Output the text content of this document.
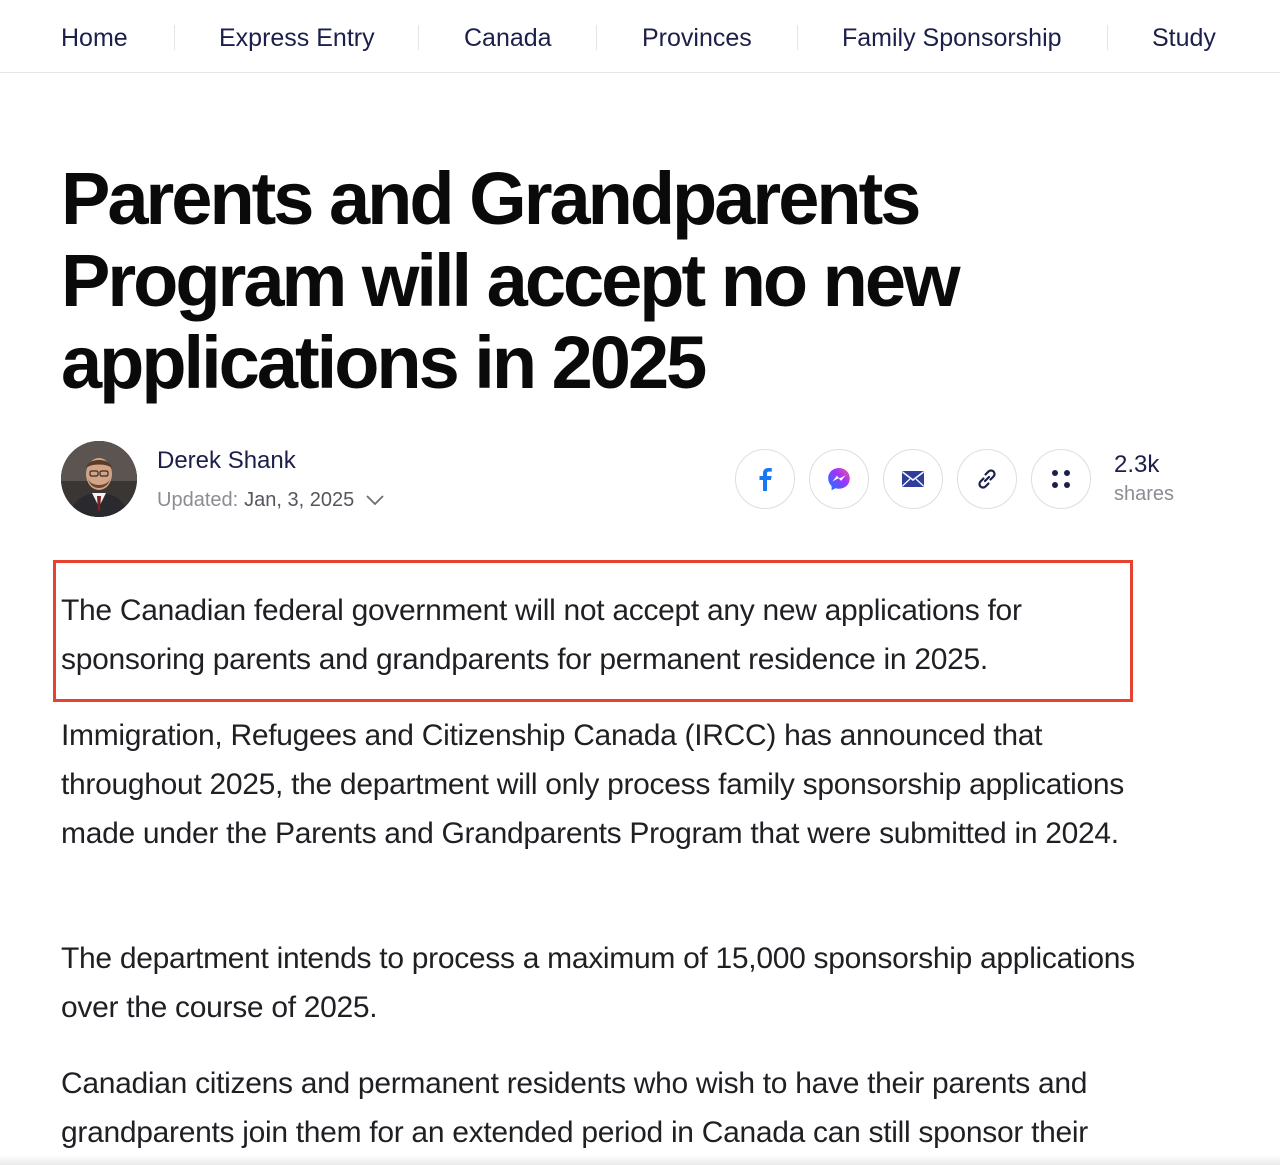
Home	Express Entry	Canada	Provinces	Family Sponsorship	Study
Parents and Grandparents Program will accept no new applications in 2025
Derek Shank
Updated: Jan, 3, 2025
2.3k
shares

The Canadian federal government will not accept any new applications for sponsoring parents and grandparents for permanent residence in 2025.

Immigration, Refugees and Citizenship Canada (IRCC) has announced that throughout 2025, the department will only process family sponsorship applications made under the Parents and Grandparents Program that were submitted in 2024.

The department intends to process a maximum of 15,000 sponsorship applications over the course of 2025.

Canadian citizens and permanent residents who wish to have their parents and grandparents join them for an extended period in Canada can still sponsor their
